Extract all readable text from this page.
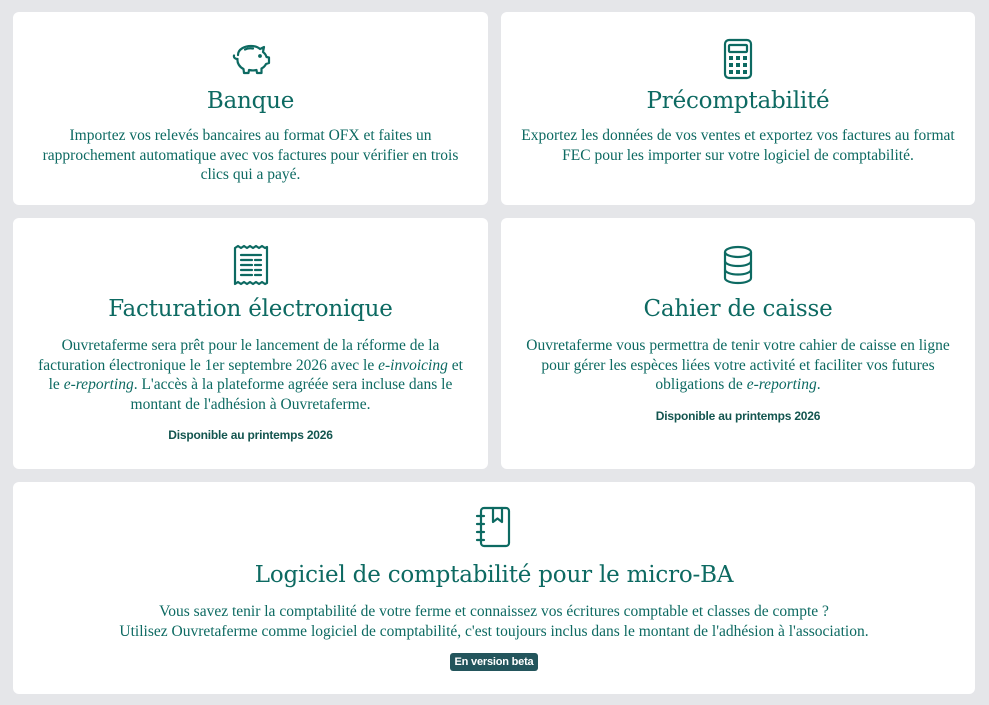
Banque

Importez vos relevés bancaires au format OFX et faites un rapprochement automatique avec vos factures pour vérifier en trois clics qui a payé.

Précomptabilité

Exportez les données de vos ventes et exportez vos factures au format FEC pour les importer sur votre logiciel de comptabilité.

Facturation électronique

Ouvretaferme sera prêt pour le lancement de la réforme de la facturation électronique le 1er septembre 2026 avec le e-invoicing et le e-reporting. L'accès à la plateforme agréée sera incluse dans le montant de l'adhésion à Ouvretaferme.

Disponible au printemps 2026
Cahier de caisse

Ouvretaferme vous permettra de tenir votre cahier de caisse en ligne pour gérer les espèces liées votre activité et faciliter vos futures obligations de e-reporting.

Disponible au printemps 2026
Logiciel de comptabilité pour le micro-BA

Vous savez tenir la comptabilité de votre ferme et connaissez vos écritures comptable et classes de compte ?

Utilisez Ouvretaferme comme logiciel de comptabilité, c'est toujours inclus dans le montant de l'adhésion à l'association.

En version beta
